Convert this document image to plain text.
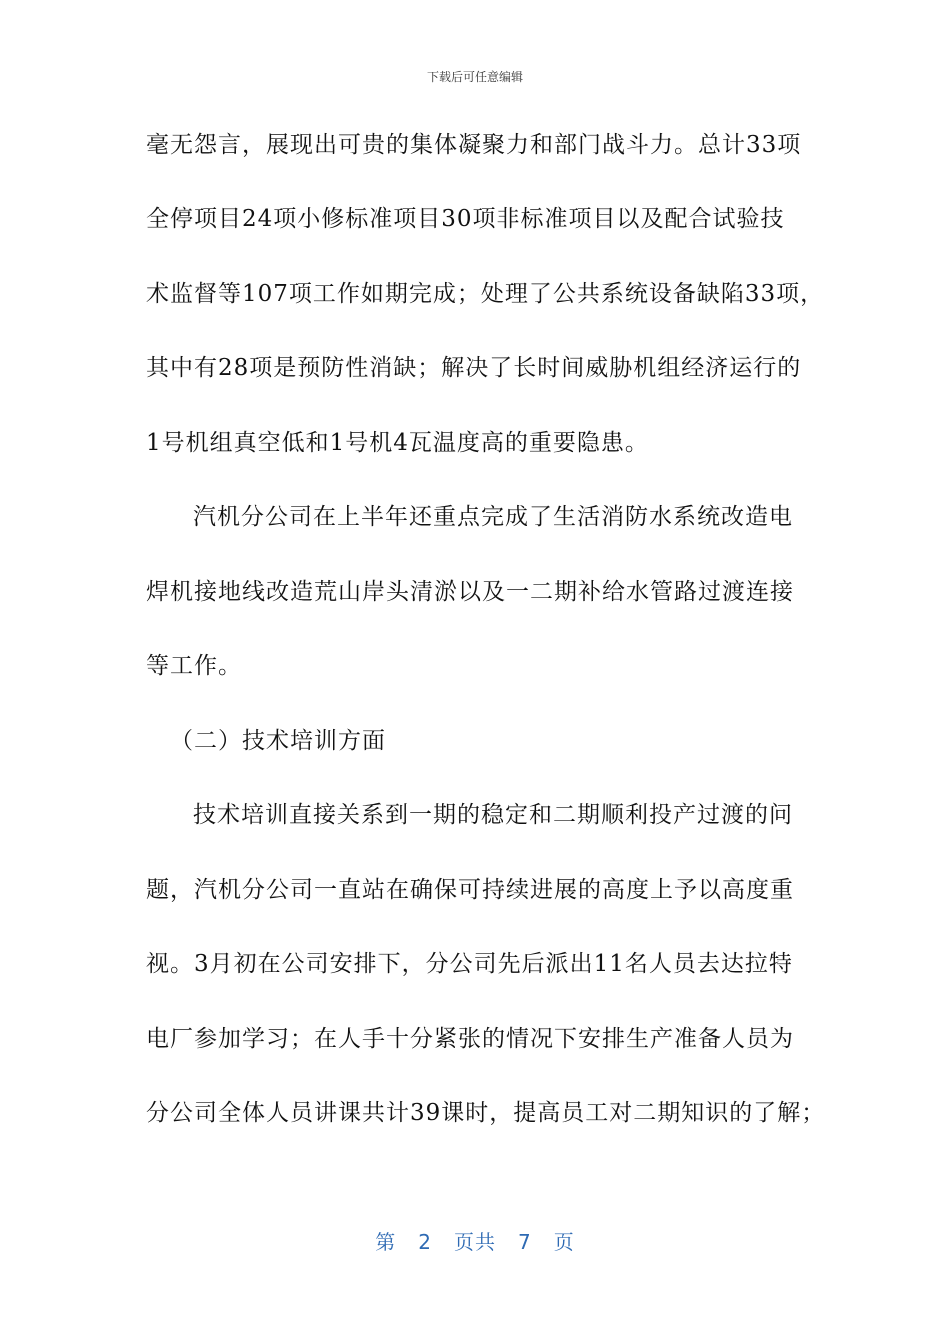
下载后可任意编辑
毫无怨言，展现出可贵的集体凝聚力和部门战斗力。总计33项
全停项目24项小修标准项目30项非标准项目以及配合试验技
术监督等107项工作如期完成；处理了公共系统设备缺陷33项，
其中有28项是预防性消缺；解决了长时间威胁机组经济运行的
1号机组真空低和1号机4瓦温度高的重要隐患。
汽机分公司在上半年还重点完成了生活消防水系统改造电
焊机接地线改造荒山岸头清淤以及一二期补给水管路过渡连接
等工作。
（二）技术培训方面
技术培训直接关系到一期的稳定和二期顺利投产过渡的问
题，汽机分公司一直站在确保可持续进展的高度上予以高度重
视。3月初在公司安排下，分公司先后派出11名人员去达拉特
电厂参加学习；在人手十分紧张的情况下安排生产准备人员为
分公司全体人员讲课共计39课时，提高员工对二期知识的了解；
第 2 页共 7 页
